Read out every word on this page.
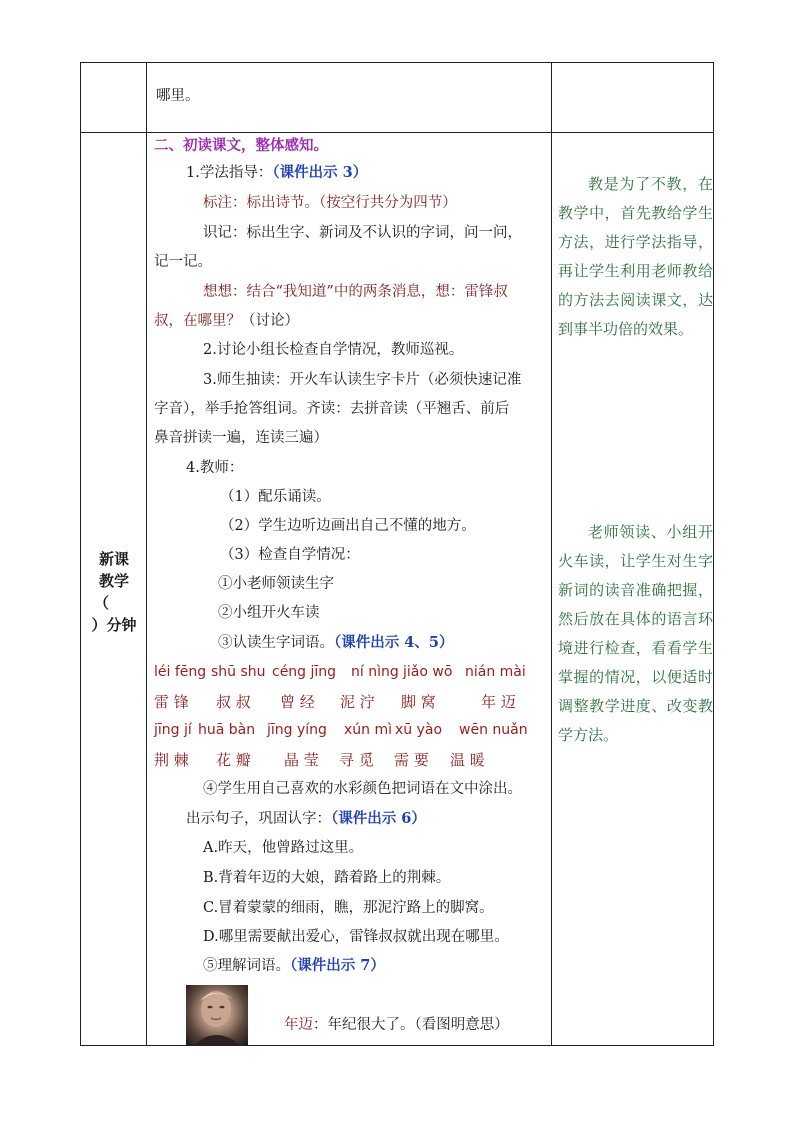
哪里。
新课
教学
（
）分钟
二、初读课文，整体感知。
1.学法指导：（课件出示 3）
标注：标出诗节。（按空行共分为四节）
识记：标出生字、新词及不认识的字词，问一问，
记一记。
想想：结合“我知道”中的两条消息，想：雷锋叔
叔，在哪里？（讨论）
2.讨论小组长检查自学情况，教师巡视。
3.师生抽读：开火车认读生字卡片（必须快速记准
字音），举手抢答组词。齐读：去拼音读（平翘舌、前后
鼻音拼读一遍，连读三遍）
4.教师：
（1）配乐诵读。
（2）学生边听边画出自己不懂的地方。
（3）检查自学情况：
①小老师领读生字
②小组开火车读
③认读生字词语。（课件出示 4、5）
léi fēng shū shu céng jīng ní nìng jiǎo wō nián mài
雷 锋 叔 叔 曾 经 泥 泞 脚 窝	年 迈
jīng jí huā bàn jīng yíng xún mì xū yào wēn nuǎn
荆 棘 花 瓣 晶 莹 寻 觅 需 要 温 暖
④学生用自己喜欢的水彩颜色把词语在文中涂出。
出示句子，巩固认字：（课件出示 6）
A.昨天，他曾路过这里。
B.背着年迈的大娘，踏着路上的荆棘。
C.冒着蒙蒙的细雨，瞧，那泥泞路上的脚窝。
D.哪里需要献出爱心，雷锋叔叔就出现在哪里。
⑤理解词语。（课件出示 7）
年迈：年纪很大了。（看图明意思）
教是为了不教，在教学中，首先教给学生方法，进行学法指导，再让学生利用老师教给的方法去阅读课文，达到事半功倍的效果。
老师领读、小组开火车读，让学生对生字新词的读音准确把握，然后放在具体的语言环境进行检查，看看学生掌握的情况，以便适时调整教学进度、改变教学方法。
